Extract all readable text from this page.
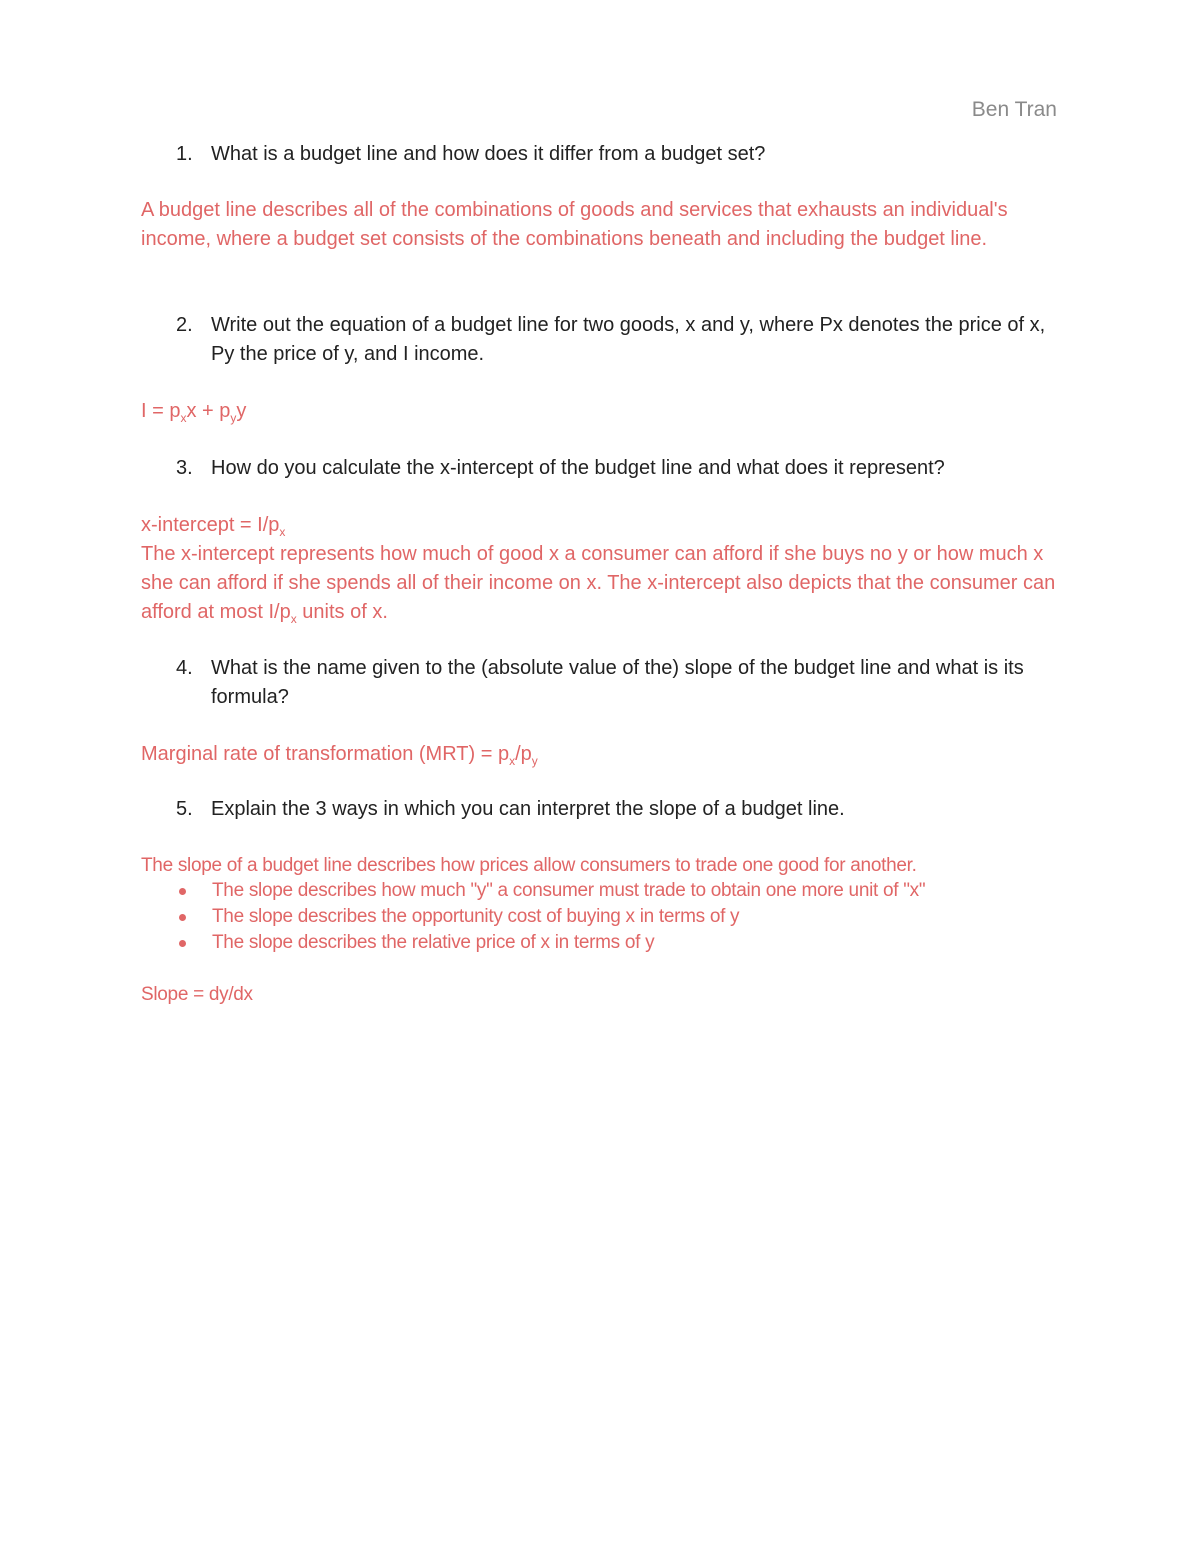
Ben Tran
1. What is a budget line and how does it differ from a budget set?
A budget line describes all of the combinations of goods and services that exhausts an individual's income, where a budget set consists of the combinations beneath and including the budget line.
2. Write out the equation of a budget line for two goods, x and y, where Px denotes the price of x, Py the price of y, and I income.
$I = p_xx + p_yy$
3. How do you calculate the x-intercept of the budget line and what does it represent?
x-intercept = $I/p_x$
The x-intercept represents how much of good x a consumer can afford if she buys no y or how much x she can afford if she spends all of their income on x. The x-intercept also depicts that the consumer can afford at most $I/p_x$ units of x.
4. What is the name given to the (absolute value of the) slope of the budget line and what is its formula?
Marginal rate of transformation $(MRT) = p_x/p_y$
5. Explain the 3 ways in which you can interpret the slope of a budget line.
The slope of a budget line describes how prices allow consumers to trade one good for another.
The slope describes how much "y" a consumer must trade to obtain one more unit of "x"
The slope describes the opportunity cost of buying x in terms of y
The slope describes the relative price of x in terms of y
Slope = dy/dx
